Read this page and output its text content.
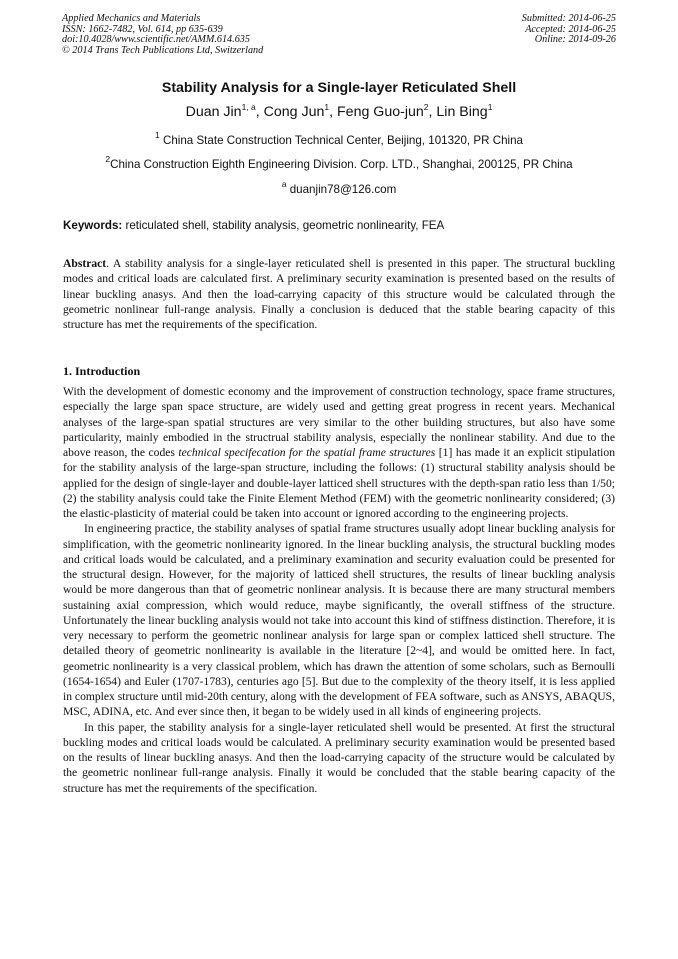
Applied Mechanics and Materials
ISSN: 1662-7482, Vol. 614, pp 635-639
doi:10.4028/www.scientific.net/AMM.614.635
© 2014 Trans Tech Publications Ltd, Switzerland
Submitted: 2014-06-25
Accepted: 2014-06-25
Online: 2014-09-26
Stability Analysis for a Single-layer Reticulated Shell
Duan Jin$^{1, a}$, Cong Jun$^1$, Feng Guo-jun$^2$, Lin Bing$^1$
$^1$ China State Construction Technical Center, Beijing, 101320, PR China
$^2$China Construction Eighth Engineering Division. Corp. LTD., Shanghai, 200125, PR China
$^a$ duanjin78@126.com
Keywords: reticulated shell, stability analysis, geometric nonlinearity, FEA

Abstract. A stability analysis for a single-layer reticulated shell is presented in this paper. The structural buckling modes and critical loads are calculated first. A preliminary security examination is presented based on the results of linear buckling anasys. And then the load-carrying capacity of this structure would be calculated through the geometric nonlinear full-range analysis. Finally a conclusion is deduced that the stable bearing capacity of this structure has met the requirements of the specification.

1. Introduction

With the development of domestic economy and the improvement of construction technology, space frame structures, especially the large span space structure, are widely used and getting great progress in recent years. Mechanical analyses of the large-span spatial structures are very similar to the other building structures, but also have some particularity, mainly embodied in the structrual stability analysis, especially the nonlinear stability. And due to the above reason, the codes technical specifecation for the spatial frame structures [1] has made it an explicit stipulation for the stability analysis of the large-span structure, including the follows: (1) structural stability analysis should be applied for the design of single-layer and double-layer latticed shell structures with the depth-span ratio less than 1/50; (2) the stability analysis could take the Finite Element Method (FEM) with the geometric nonlinearity considered; (3) the elastic-plasticity of material could be taken into account or ignored according to the engineering projects.

In engineering practice, the stability analyses of spatial frame structures usually adopt linear buckling analysis for simplification, with the geometric nonlinearity ignored. In the linear buckling analysis, the structural buckling modes and critical loads would be calculated, and a preliminary examination and security evaluation could be presented for the structural design. However, for the majority of latticed shell structures, the results of linear buckling analysis would be more dangerous than that of geometric nonlinear analysis. It is because there are many structural members sustaining axial compression, which would reduce, maybe significantly, the overall stiffness of the structure. Unfortunately the linear buckling analysis would not take into account this kind of stiffness distinction. Therefore, it is very necessary to perform the geometric nonlinear analysis for large span or complex latticed shell structure. The detailed theory of geometric nonlinearity is available in the literature [2~4], and would be omitted here. In fact, geometric nonlinearity is a very classical problem, which has drawn the attention of some scholars, such as Bernoulli (1654-1654) and Euler (1707-1783), centuries ago [5]. But due to the complexity of the theory itself, it is less applied in complex structure until mid-20th century, along with the development of FEA software, such as ANSYS, ABAQUS, MSC, ADINA, etc. And ever since then, it began to be widely used in all kinds of engineering projects.

In this paper, the stability analysis for a single-layer reticulated shell would be presented. At first the structural buckling modes and critical loads would be calculated. A preliminary security examination would be presented based on the results of linear buckling anasys. And then the load-carrying capacity of the structure would be calculated by the geometric nonlinear full-range analysis. Finally it would be concluded that the stable bearing capacity of the structure has met the requirements of the specification.
